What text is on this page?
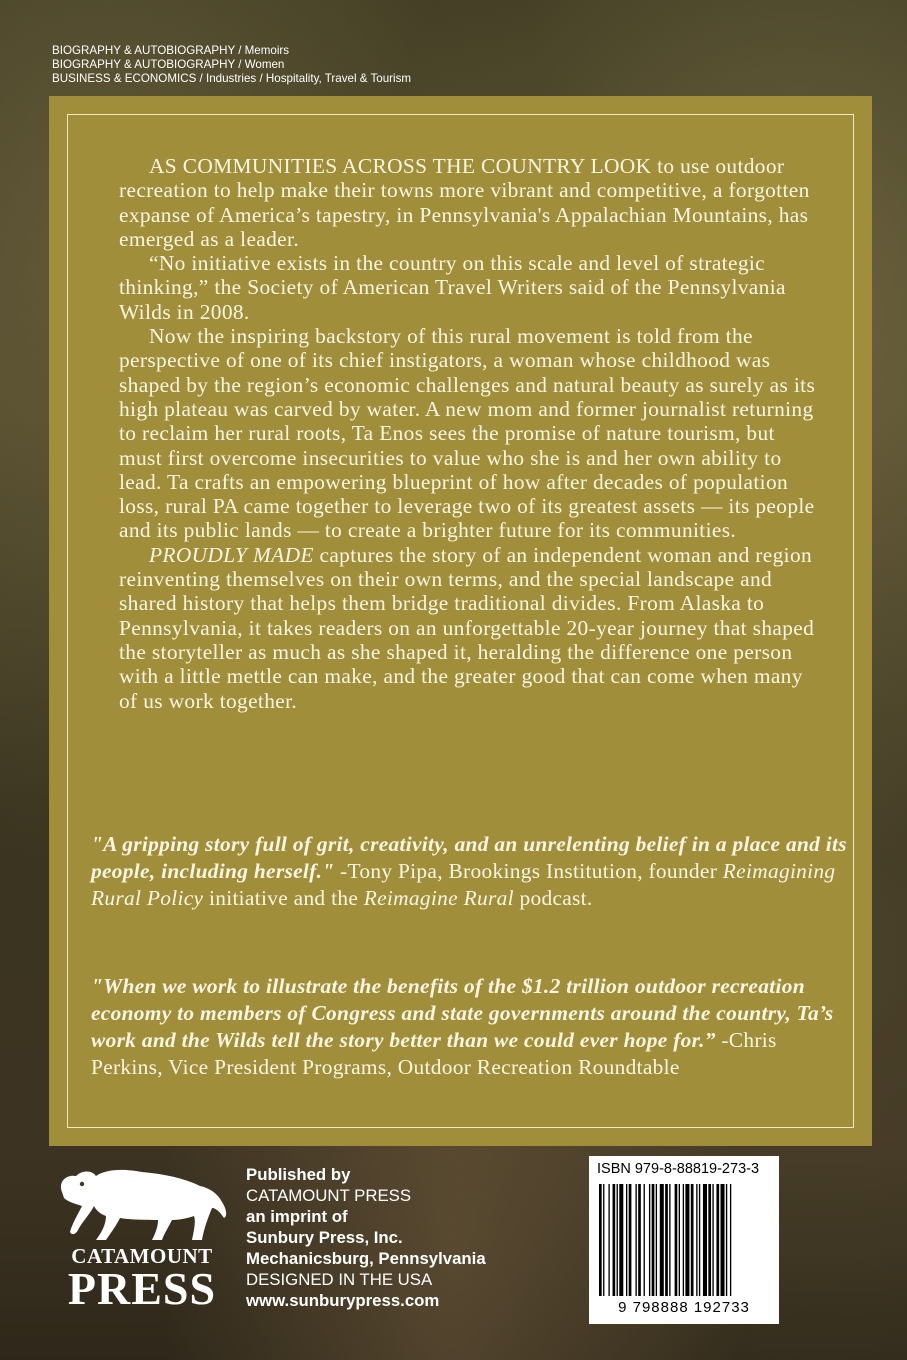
BIOGRAPHY & AUTOBIOGRAPHY / Memoirs
BIOGRAPHY & AUTOBIOGRAPHY / Women
BUSINESS & ECONOMICS / Industries / Hospitality, Travel & Tourism

AS COMMUNITIES ACROSS THE COUNTRY LOOK to use outdoor recreation to help make their towns more vibrant and competitive, a forgotten expanse of America’s tapestry, in Pennsylvania's Appalachian Mountains, has emerged as a leader.

“No initiative exists in the country on this scale and level of strategic thinking,” the Society of American Travel Writers said of the Pennsylvania Wilds in 2008.

Now the inspiring backstory of this rural movement is told from the perspective of one of its chief instigators, a woman whose childhood was shaped by the region’s economic challenges and natural beauty as surely as its high plateau was carved by water. A new mom and former journalist returning to reclaim her rural roots, Ta Enos sees the promise of nature tourism, but must first overcome insecurities to value who she is and her own ability to lead. Ta crafts an empowering blueprint of how after decades of population loss, rural PA came together to leverage two of its greatest assets — its people and its public lands — to create a brighter future for its communities.

PROUDLY MADE captures the story of an independent woman and region reinventing themselves on their own terms, and the special landscape and shared history that helps them bridge traditional divides. From Alaska to Pennsylvania, it takes readers on an unforgettable 20-year journey that shaped the storyteller as much as she shaped it, heralding the difference one person with a little mettle can make, and the greater good that can come when many of us work together.

"A gripping story full of grit, creativity, and an unrelenting belief in a place and its people, including herself." -Tony Pipa, Brookings Institution, founder Reimagining Rural Policy initiative and the Reimagine Rural podcast.

"When we work to illustrate the benefits of the $1.2 trillion outdoor recreation economy to members of Congress and state governments around the country, Ta’s work and the Wilds tell the story better than we could ever hope for.” -Chris Perkins, Vice President Programs, Outdoor Recreation Roundtable

CATAMOUNT
PRESS
Published by
CATAMOUNT PRESS
an imprint of
Sunbury Press, Inc.
Mechanicsburg, Pennsylvania
DESIGNED IN THE USA
www.sunburypress.com
ISBN 979-8-88819-273-3
9 798888 192733
